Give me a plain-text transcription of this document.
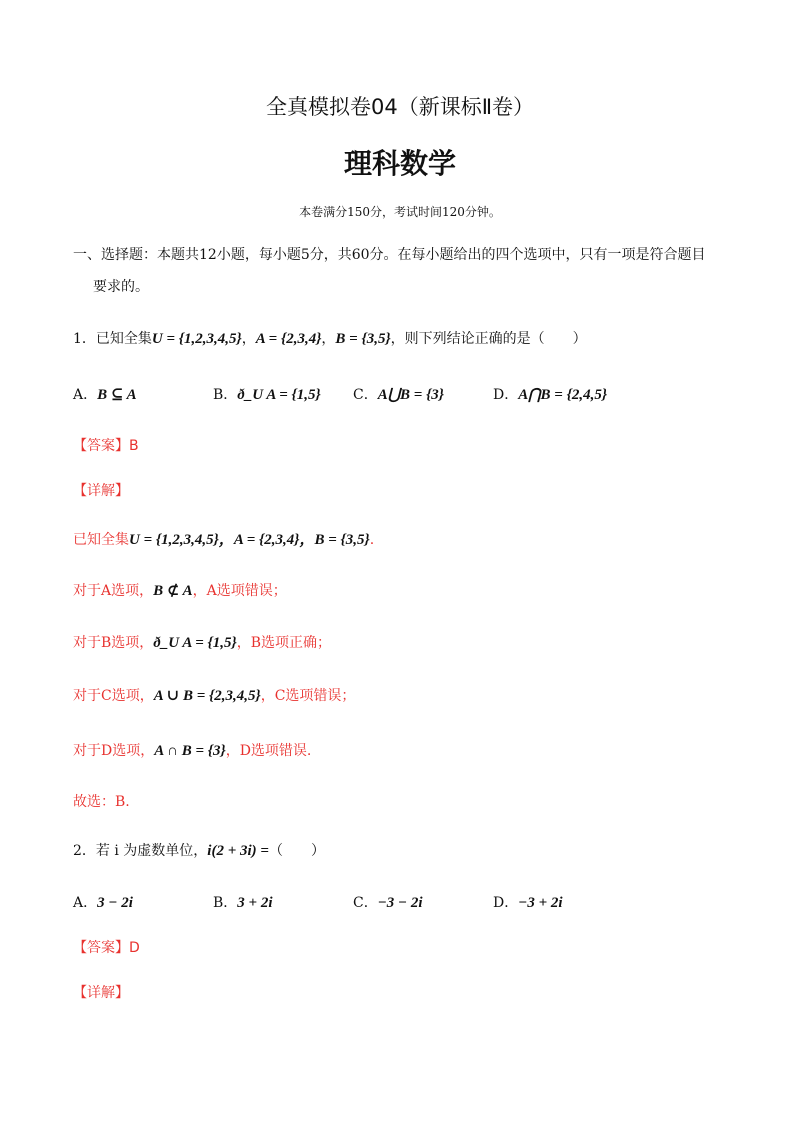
全真模拟卷04（新课标Ⅱ卷）
理科数学
本卷满分150分，考试时间120分钟。
一、选择题：本题共12小题，每小题5分，共60分。在每小题给出的四个选项中，只有一项是符合题目
要求的。
1．已知全集U = {1,2,3,4,5}，A = {2,3,4}，B = {3,5}，则下列结论正确的是（　　）
A．B ⊆ A	B．ð_U A = {1,5} C．A⋃B = {3}	D．A⋂B = {2,4,5}
【答案】B
【详解】
已知全集U = {1,2,3,4,5}，A = {2,3,4}，B = {3,5}.
对于A选项，B ⊄ A，A选项错误；
对于B选项，ð_U A = {1,5}，B选项正确；
对于C选项，A ∪ B = {2,3,4,5}，C选项错误；
对于D选项，A ∩ B = {3}，D选项错误.
故选：B.
2．若 i 为虚数单位，i(2 + 3i) =（　　）
A．3 − 2i	B．3 + 2i	C．−3 − 2i	D．−3 + 2i
【答案】D
【详解】
